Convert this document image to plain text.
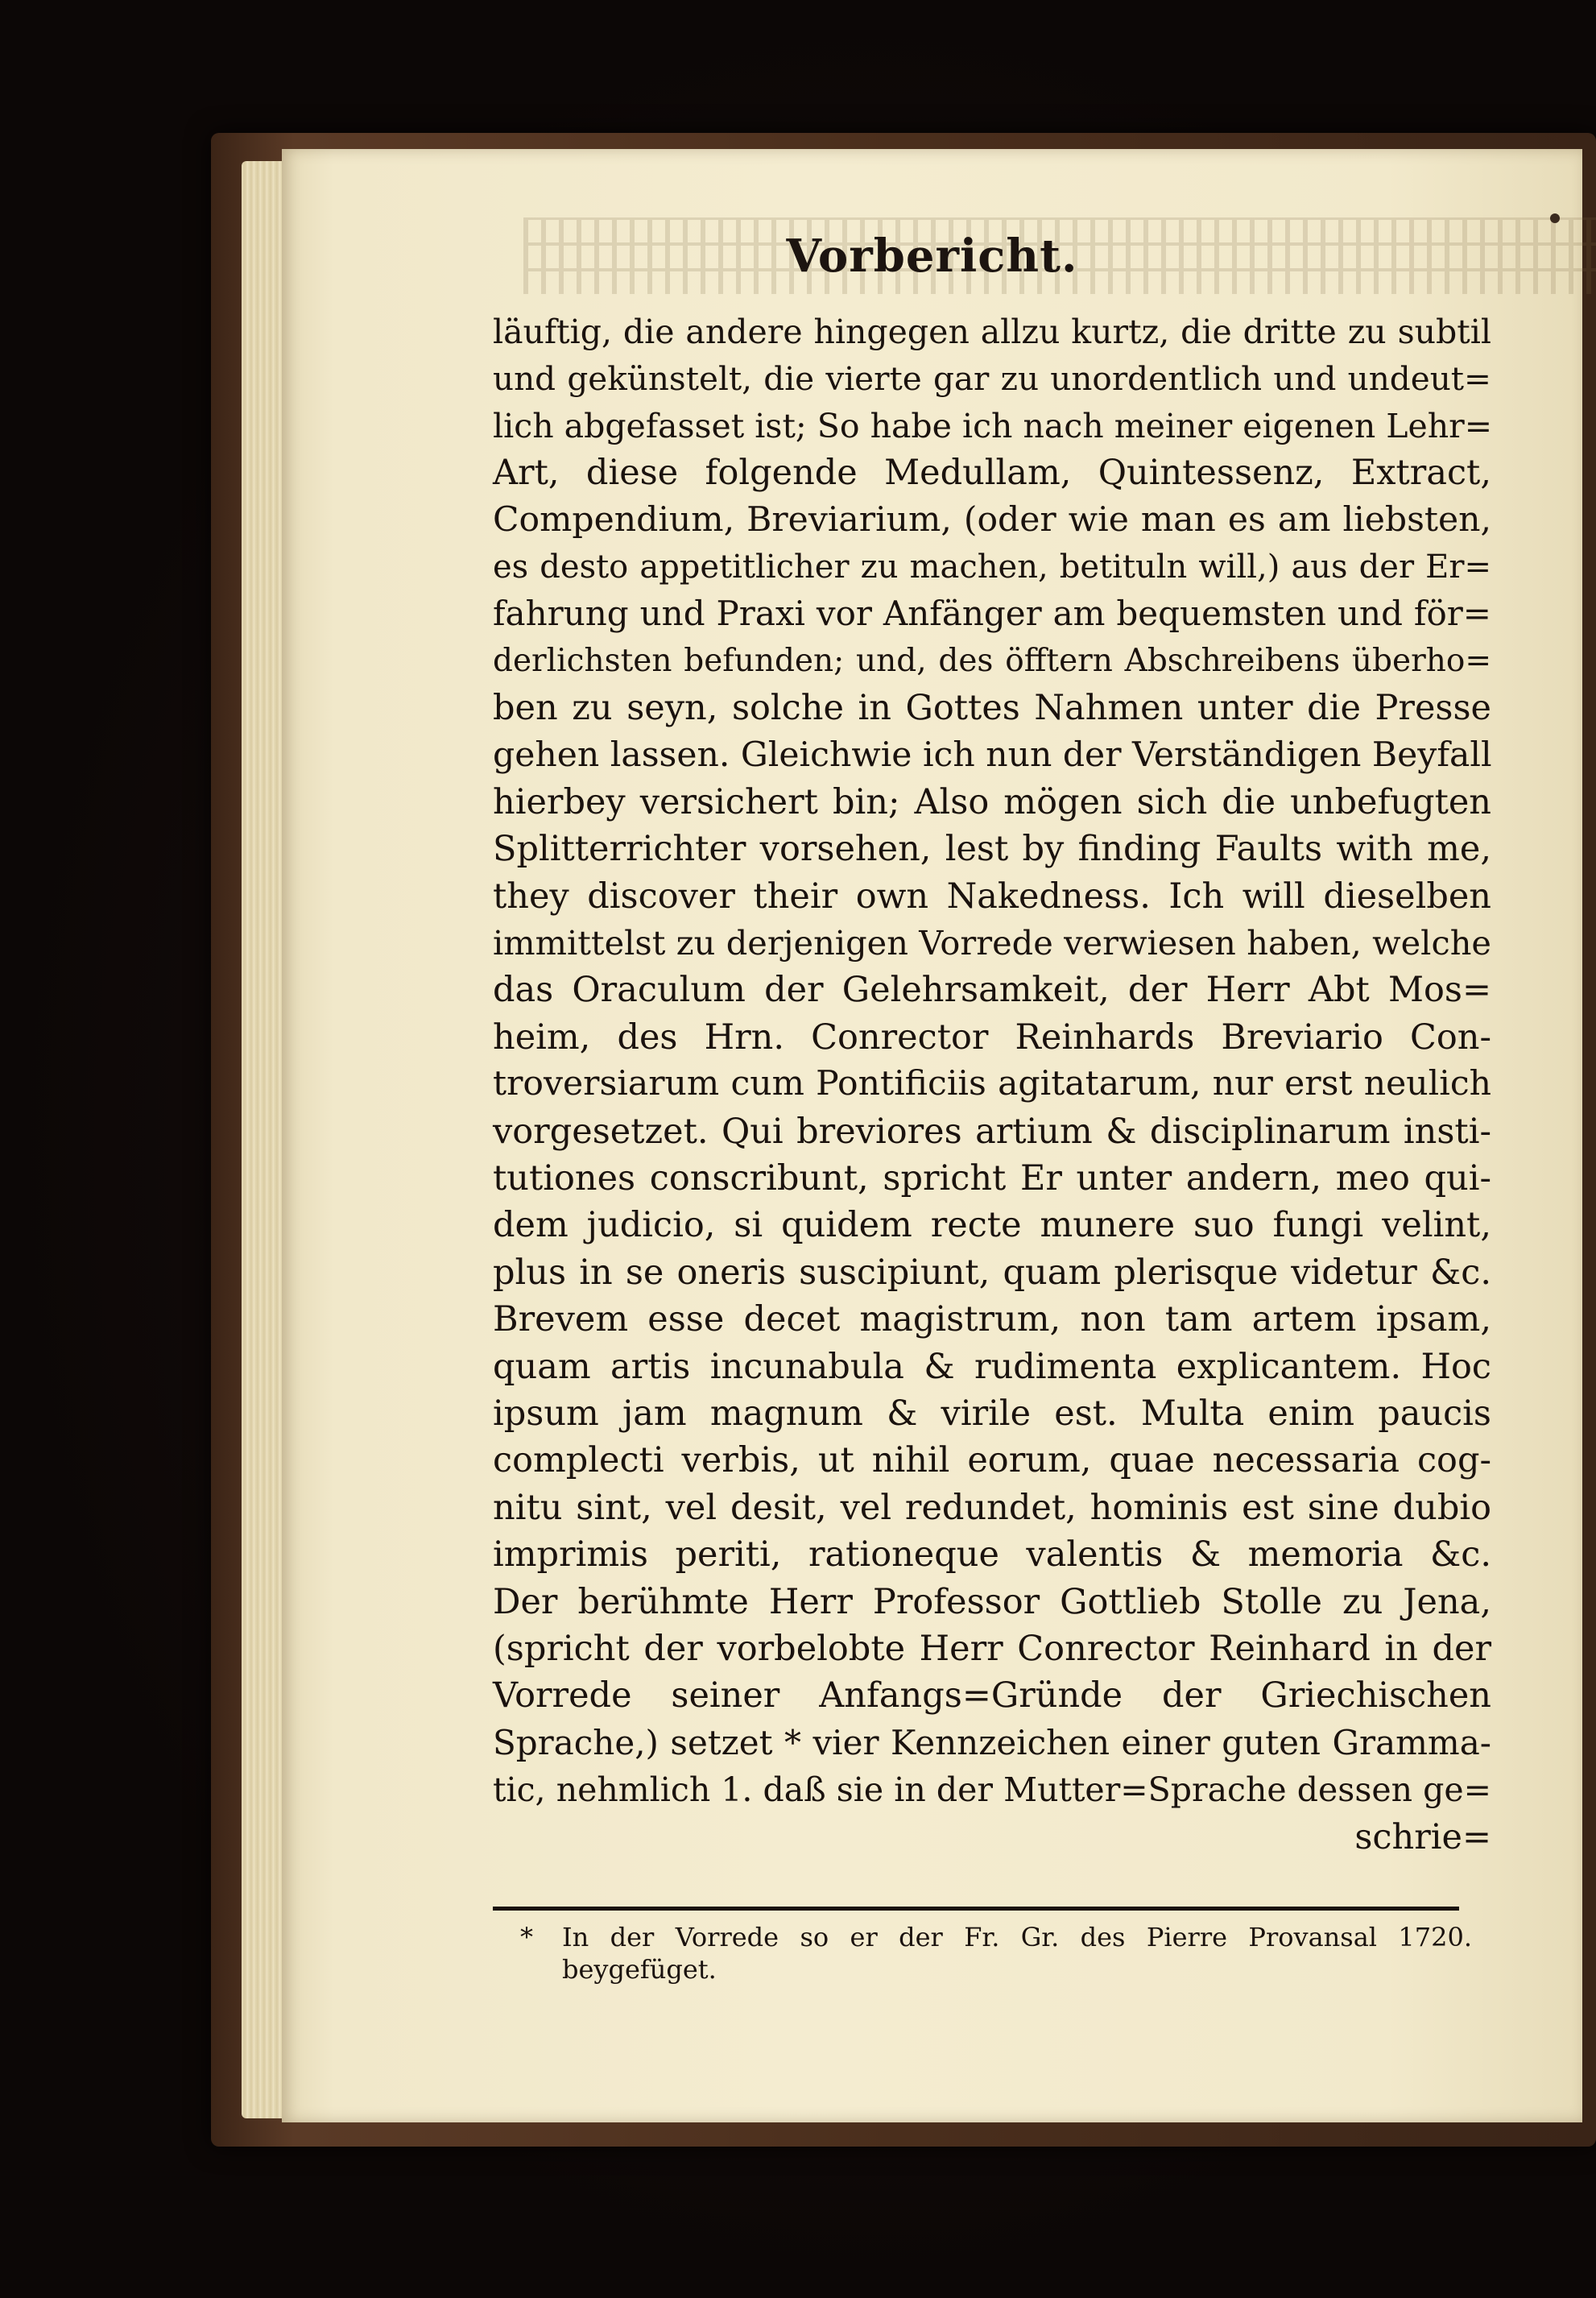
Vorbericht.
läuftig, die andere hingegen allzu kurtz, die dritte zu subtil
und gekünstelt, die vierte gar zu unordentlich und undeut=
lich abgefasset ist; So habe ich nach meiner eigenen Lehr=
Art, diese folgende Medullam, Quintessenz, Extract,
Compendium, Breviarium, (oder wie man es am liebsten,
es desto appetitlicher zu machen, betituln will,) aus der Er=
fahrung und Praxi vor Anfänger am bequemsten und för=
derlichsten befunden; und, des öfftern Abschreibens überho=
ben zu seyn, solche in Gottes Nahmen unter die Presse
gehen lassen. Gleichwie ich nun der Verständigen Beyfall
hierbey versichert bin; Also mögen sich die unbefugten
Splitterrichter vorsehen, lest by finding Faults with me,
they discover their own Nakedness. Ich will dieselben
immittelst zu derjenigen Vorrede verwiesen haben, welche
das Oraculum der Gelehrsamkeit, der Herr Abt Mos=
heim, des Hrn. Conrector Reinhards Breviario Con-
troversiarum cum Pontificiis agitatarum, nur erst neulich
vorgesetzet. Qui breviores artium & disciplinarum insti-
tutiones conscribunt, spricht Er unter andern, meo qui-
dem judicio, si quidem recte munere suo fungi velint,
plus in se oneris suscipiunt, quam plerisque videtur &c.
Brevem esse decet magistrum, non tam artem ipsam,
quam artis incunabula & rudimenta explicantem. Hoc
ipsum jam magnum & virile est. Multa enim paucis
complecti verbis, ut nihil eorum, quae necessaria cog-
nitu sint, vel desit, vel redundet, hominis est sine dubio
imprimis periti, rationeque valentis & memoria &c.
Der berühmte Herr Professor Gottlieb Stolle zu Jena,
(spricht der vorbelobte Herr Conrector Reinhard in der
Vorrede seiner Anfangs=Gründe der Griechischen
Sprache,) setzet * vier Kennzeichen einer guten Gramma-
tic, nehmlich 1. daß sie in der Mutter=Sprache dessen ge=
schrie=
* In der Vorrede so er der Fr. Gr. des Pierre Provansal 1720.
beygefüget.
